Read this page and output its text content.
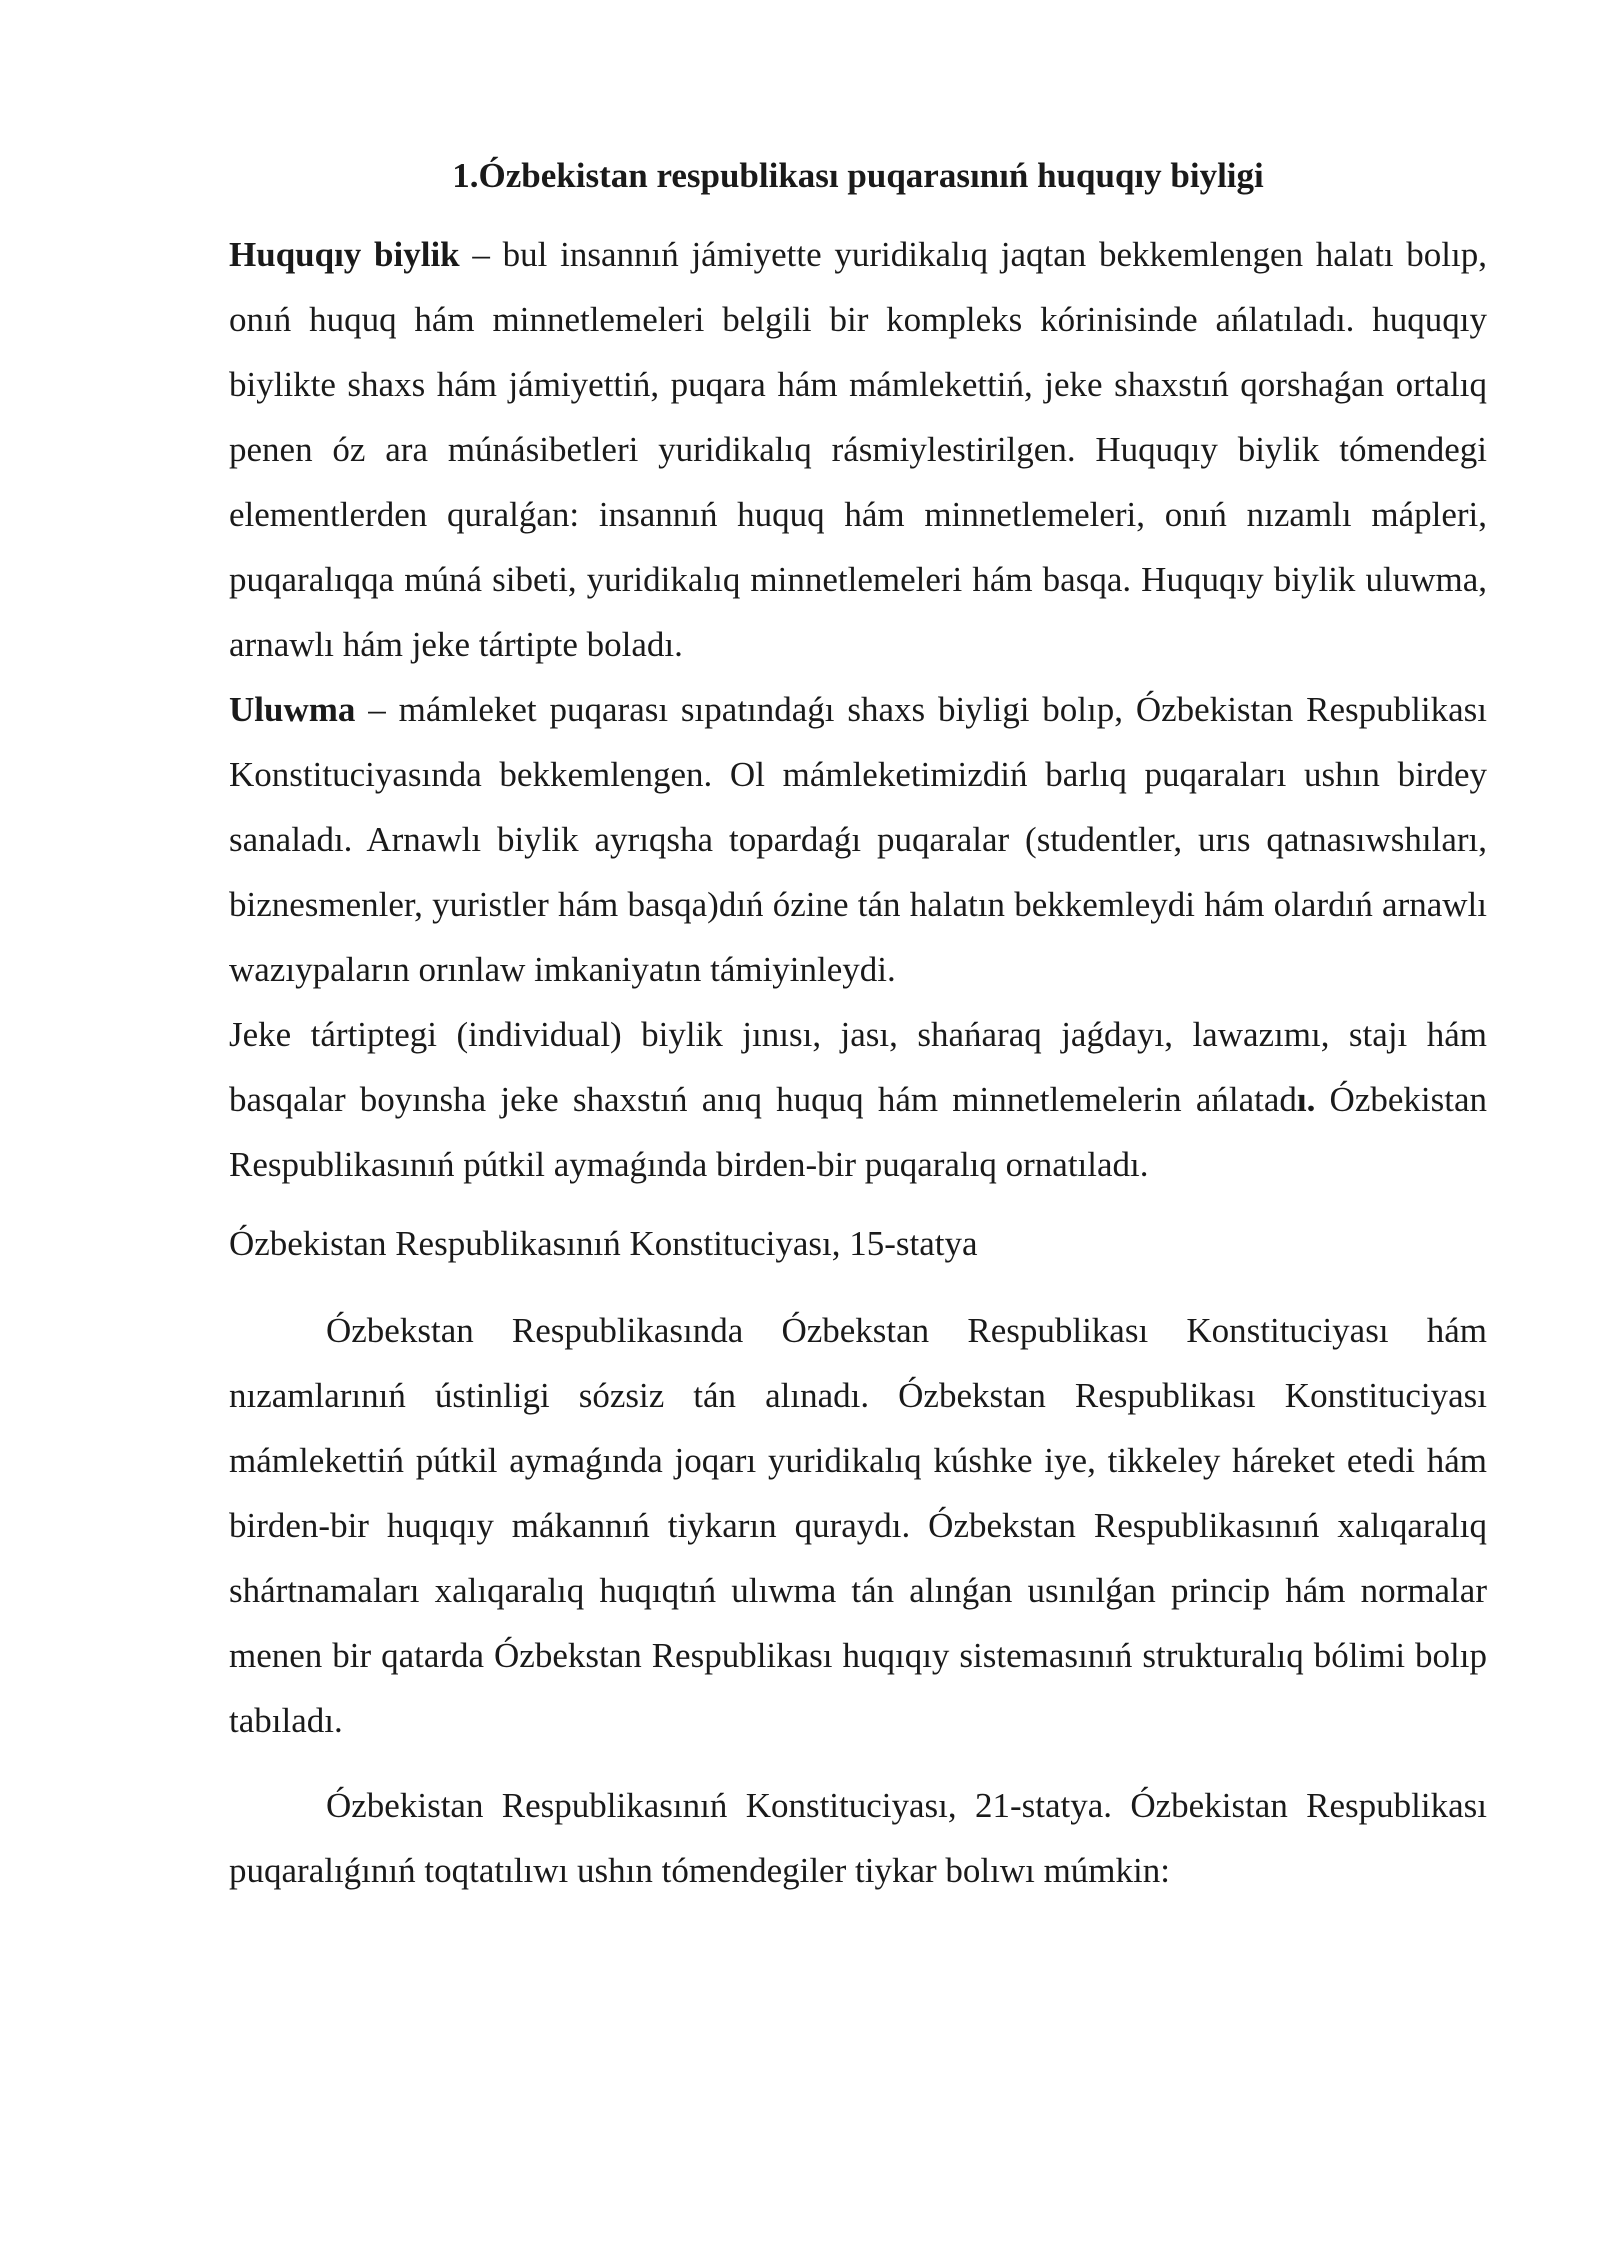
1.Ózbekistan respublikası puqarasınıń huquqıy biyligi

Huquqıy biylik – bul insannıń jámiyette yuridikalıq jaqtan bekkemlengen halatı bolıp, onıń huquq hám minnetlemeleri belgili bir kompleks kórinisinde ańlatıladı. huquqıy biylikte shaxs hám jámiyettiń, puqara hám mámlekettiń, jeke shaxstıń qorshaǵan ortalıq penen óz ara múnásibetleri yuridikalıq rásmiylestirilgen. Huquqıy biylik tómendegi elementlerden quralǵan: insannıń huquq hám minnetlemeleri, onıń nızamlı mápleri, puqaralıqqa múná sibeti, yuridikalıq minnetlemeleri hám basqa. Huquqıy biylik uluwma, arnawlı hám jeke tártipte boladı.

Uluwma – mámleket puqarası sıpatındaǵı shaxs biyligi bolıp, Ózbekistan Respublikası Konstituciyasında bekkemlengen. Ol mámleketimizdiń barlıq puqaraları ushın birdey sanaladı. Arnawlı biylik ayrıqsha topardaǵı puqaralar (studentler, urıs qatnasıwshıları, biznesmenler, yuristler hám basqa)dıń ózine tán halatın bekkemleydi hám olardıń arnawlı wazıypaların orınlaw imkaniyatın támiyinleydi.

Jeke tártiptegi (individual) biylik jınısı, jası, shańaraq jaǵdayı, lawazımı, stajı hám basqalar boyınsha jeke shaxstıń anıq huquq hám minnetlemelerin ańlatadı. Ózbekistan Respublikasınıń pútkil aymaǵında birden-bir puqaralıq ornatıladı.

Ózbekistan Respublikasınıń Konstituciyası, 15-statya

Ózbekstan Respublikasında Ózbekstan Respublikası Konstituciyası hám nızamlarınıń ústinligi sózsiz tán alınadı. Ózbekstan Respublikası Konstituciyası mámlekettiń pútkil aymaǵında joqarı yuridikalıq kúshke iye, tikkeley háreket etedi hám birden-bir huqıqıy mákannıń tiykarın quraydı. Ózbekstan Respublikasınıń xalıqaralıq shártnamaları xalıqaralıq huqıqtıń ulıwma tán alınǵan usınılǵan princip hám normalar menen bir qatarda Ózbekstan Respublikası huqıqıy sistemasınıń strukturalıq bólimi bolıp tabıladı.

Ózbekistan Respublikasınıń Konstituciyası, 21-statya. Ózbekistan Respublikası puqaralıǵınıń toqtatılıwı ushın tómendegiler tiykar bolıwı múmkin:
